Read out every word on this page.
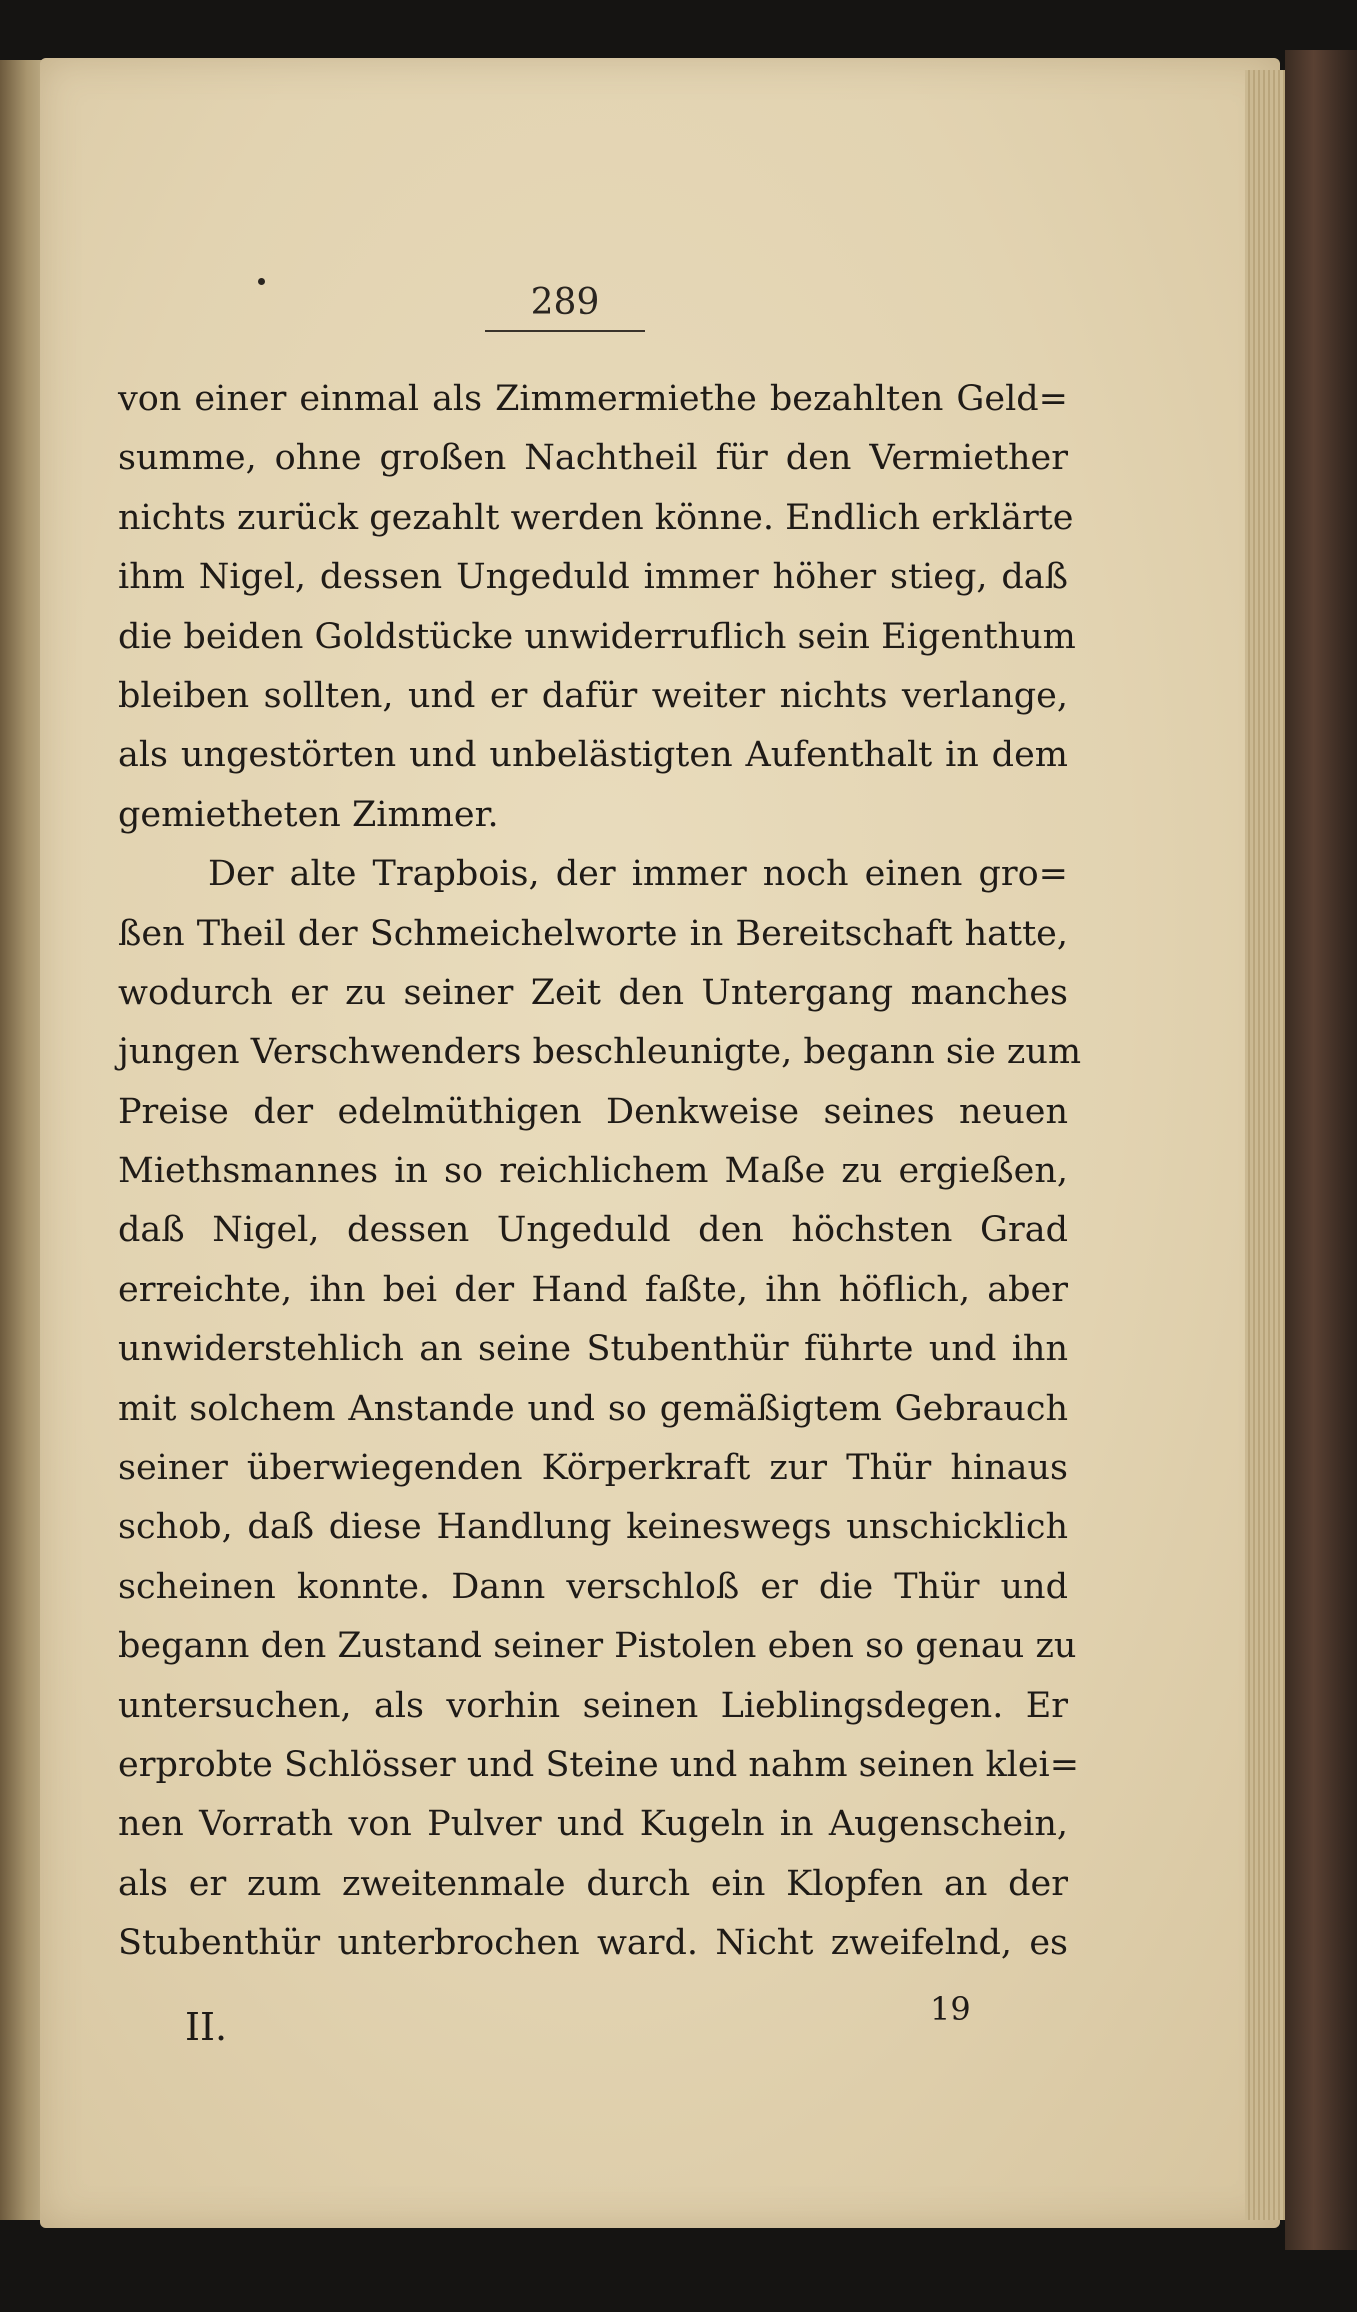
289
von einer einmal als Zimmermiethe bezahlten Geld=
summe, ohne großen Nachtheil für den Vermiether
nichts zurück gezahlt werden könne. Endlich erklärte
ihm Nigel, dessen Ungeduld immer höher stieg, daß
die beiden Goldstücke unwiderruflich sein Eigenthum
bleiben sollten, und er dafür weiter nichts verlange,
als ungestörten und unbelästigten Aufenthalt in dem
gemietheten Zimmer.
Der alte Trapbois, der immer noch einen gro=
ßen Theil der Schmeichelworte in Bereitschaft hatte,
wodurch er zu seiner Zeit den Untergang manches
jungen Verschwenders beschleunigte, begann sie zum
Preise der edelmüthigen Denkweise seines neuen
Miethsmannes in so reichlichem Maße zu ergießen,
daß Nigel, dessen Ungeduld den höchsten Grad
erreichte, ihn bei der Hand faßte, ihn höflich, aber
unwiderstehlich an seine Stubenthür führte und ihn
mit solchem Anstande und so gemäßigtem Gebrauch
seiner überwiegenden Körperkraft zur Thür hinaus
schob, daß diese Handlung keineswegs unschicklich
scheinen konnte. Dann verschloß er die Thür und
begann den Zustand seiner Pistolen eben so genau zu
untersuchen, als vorhin seinen Lieblingsdegen. Er
erprobte Schlösser und Steine und nahm seinen klei=
nen Vorrath von Pulver und Kugeln in Augenschein,
als er zum zweitenmale durch ein Klopfen an der
Stubenthür unterbrochen ward. Nicht zweifelnd, es
II.	19
